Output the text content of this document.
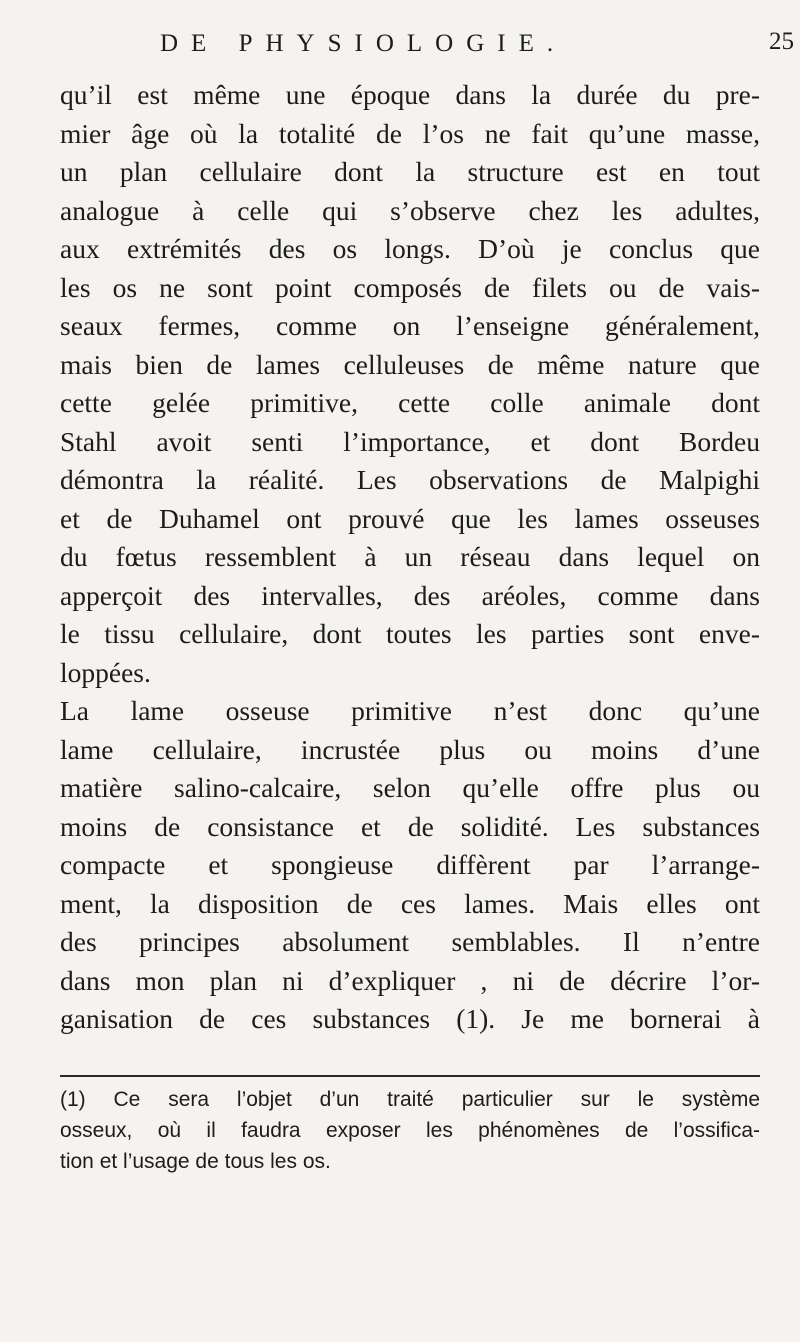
DE PHYSIOLOGIE.	25
qu’il est même une époque dans la durée du pre-
mier âge où la totalité de l’os ne fait qu’une masse,
un plan cellulaire dont la structure est en tout
analogue à celle qui s’observe chez les adultes,
aux extrémités des os longs. D’où je conclus que
les os ne sont point composés de filets ou de vais-
seaux fermes, comme on l’enseigne généralement,
mais bien de lames celluleuses de même nature que
cette gelée primitive, cette colle animale dont
Stahl avoit senti l’importance, et dont Bordeu
démontra la réalité. Les observations de Malpighi
et de Duhamel ont prouvé que les lames osseuses
du fœtus ressemblent à un réseau dans lequel on
apperçoit des intervalles, des aréoles, comme dans
le tissu cellulaire, dont toutes les parties sont enve-
loppées.
La lame osseuse primitive n’est donc qu’une
lame cellulaire, incrustée plus ou moins d’une
matière salino-calcaire, selon qu’elle offre plus ou
moins de consistance et de solidité. Les substances
compacte et spongieuse diffèrent par l’arrange-
ment, la disposition de ces lames. Mais elles ont
des principes absolument semblables. Il n’entre
dans mon plan ni d’expliquer , ni de décrire l’or-
ganisation de ces substances (1). Je me bornerai à
(1) Ce sera l’objet d’un traité particulier sur le système
osseux, où il faudra exposer les phénomènes de l’ossifica-
tion et l’usage de tous les os.
